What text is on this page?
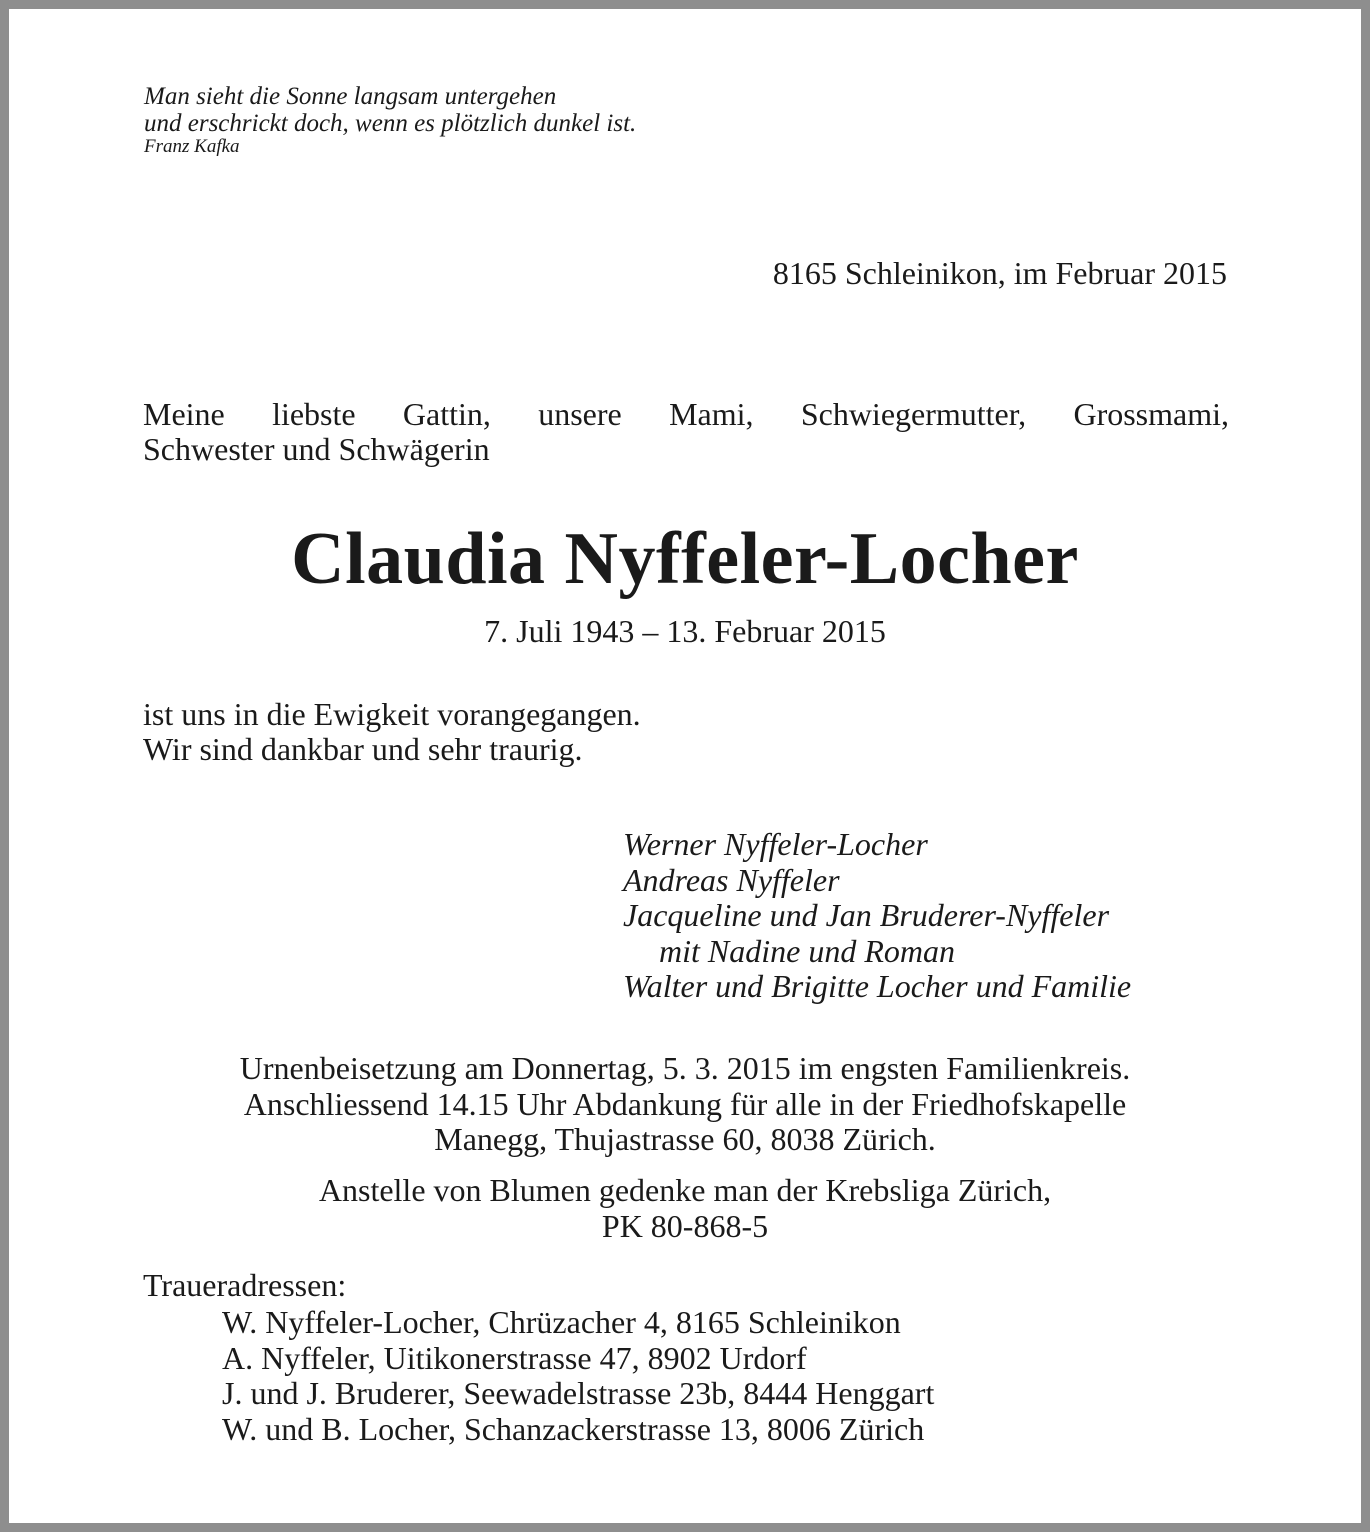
Man sieht die Sonne langsam untergehen
und erschrickt doch, wenn es plötzlich dunkel ist.
Franz Kafka
8165 Schleinikon, im Februar 2015
Meine liebste Gattin, unsere Mami, Schwiegermutter, Grossmami,
Schwester und Schwägerin
Claudia Nyffeler-Locher
7. Juli 1943 – 13. Februar 2015
ist uns in die Ewigkeit vorangegangen.
Wir sind dankbar und sehr traurig.
Werner Nyffeler-Locher
Andreas Nyffeler
Jacqueline und Jan Bruderer-Nyffeler
mit Nadine und Roman
Walter und Brigitte Locher und Familie
Urnenbeisetzung am Donnertag, 5. 3. 2015 im engsten Familienkreis.
Anschliessend 14.15 Uhr Abdankung für alle in der Friedhofskapelle
Manegg, Thujastrasse 60, 8038 Zürich.
Anstelle von Blumen gedenke man der Krebsliga Zürich,
PK 80-868-5
Traueradressen:
W. Nyffeler-Locher, Chrüzacher 4, 8165 Schleinikon
A. Nyffeler, Uitikonerstrasse 47, 8902 Urdorf
J. und J. Bruderer, Seewadelstrasse 23b, 8444 Henggart
W. und B. Locher, Schanzackerstrasse 13, 8006 Zürich
